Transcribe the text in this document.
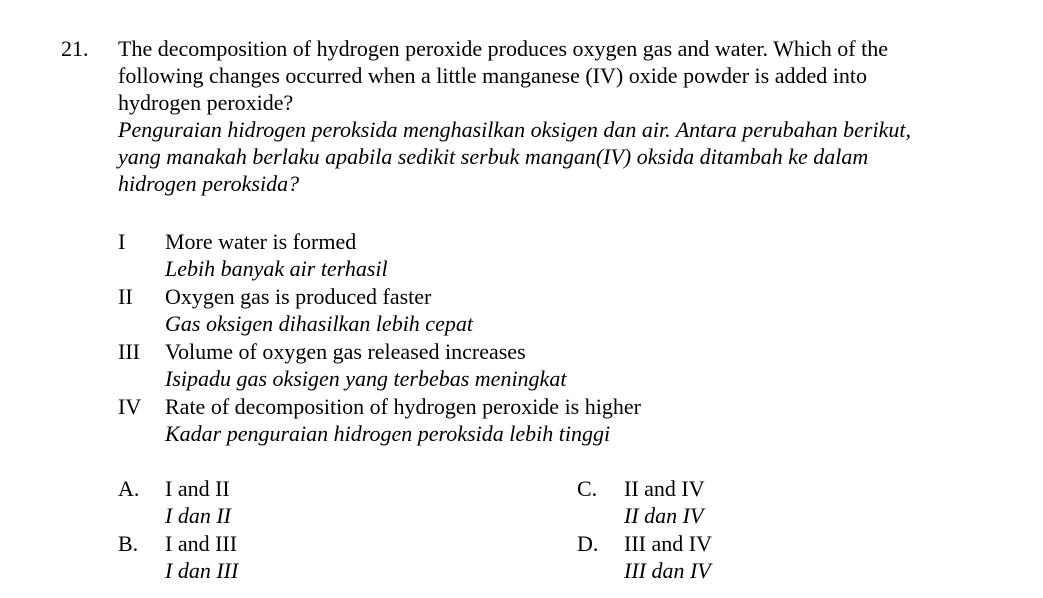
21. The decomposition of hydrogen peroxide produces oxygen gas and water. Which of the
following changes occurred when a little manganese (IV) oxide powder is added into
hydrogen peroxide?
Penguraian hidrogen peroksida menghasilkan oksigen dan air. Antara perubahan berikut,
yang manakah berlaku apabila sedikit serbuk mangan(IV) oksida ditambah ke dalam
hidrogen peroksida?
I More water is formed
Lebih banyak air terhasil
II Oxygen gas is produced faster
Gas oksigen dihasilkan lebih cepat
III Volume of oxygen gas released increases
Isipadu gas oksigen yang terbebas meningkat
IV Rate of decomposition of hydrogen peroxide is higher
Kadar penguraian hidrogen peroksida lebih tinggi
A. I and II
I dan II
B. I and III
I dan III
C. II and IV
II dan IV
D. III and IV
III dan IV
